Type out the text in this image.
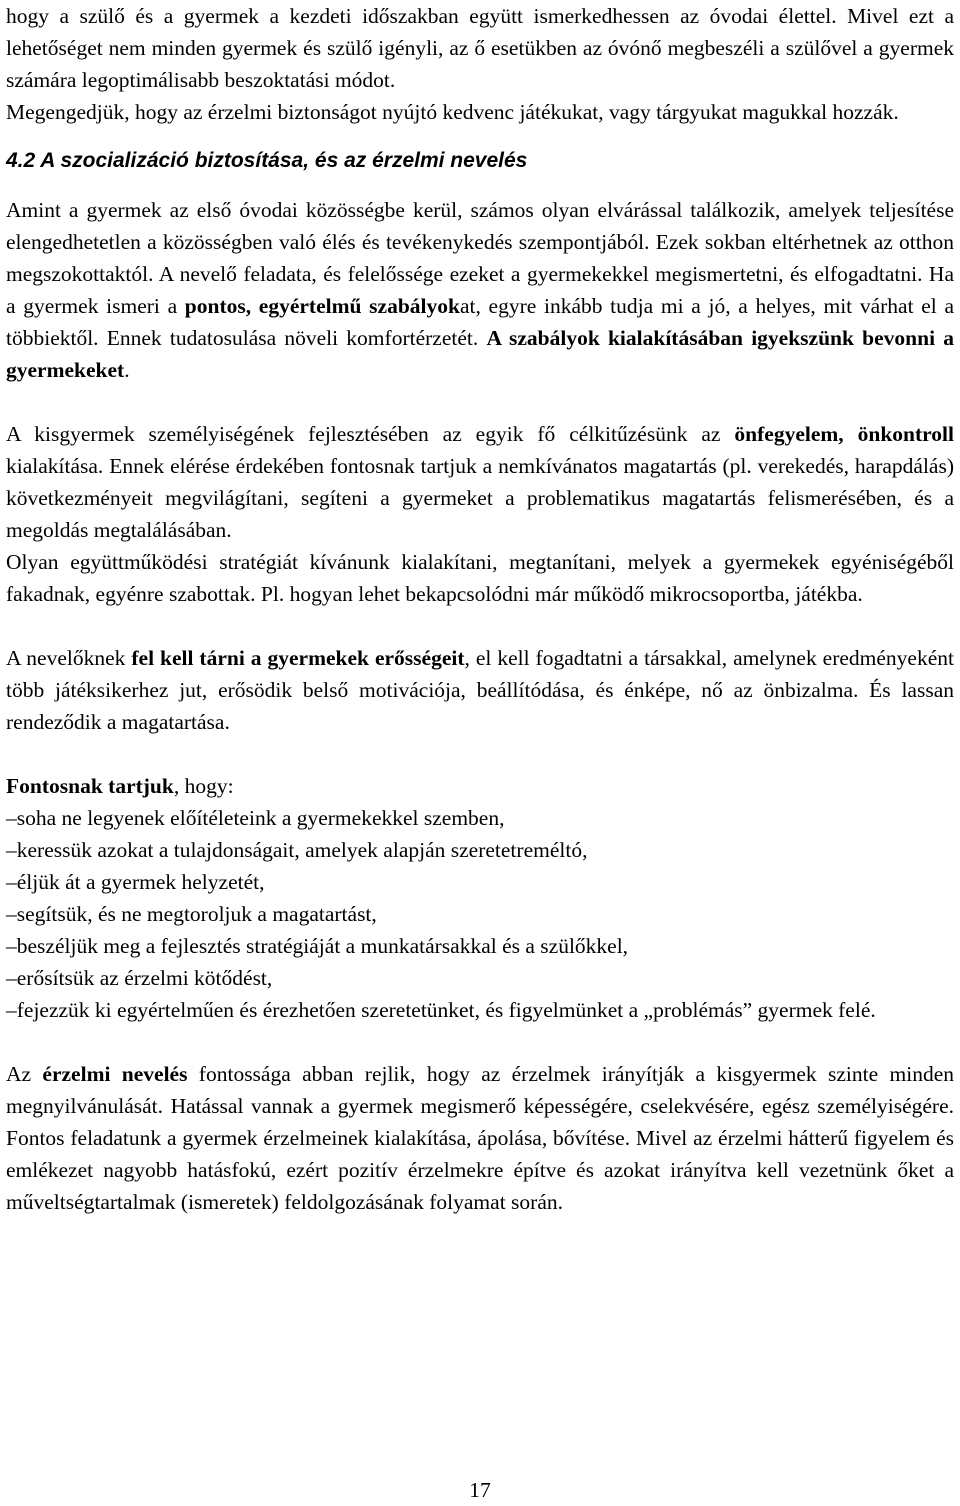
hogy a szülő és a gyermek a kezdeti időszakban együtt ismerkedhessen az óvodai élettel. Mivel ezt a lehetőséget nem minden gyermek és szülő igényli, az ő esetükben az óvónő megbeszéli a szülővel a gyermek számára legoptimálisabb beszoktatási módot.

Megengedjük, hogy az érzelmi biztonságot nyújtó kedvenc játékukat, vagy tárgyukat magukkal hozzák.

4.2 A szocializáció biztosítása, és az érzelmi nevelés

Amint a gyermek az első óvodai közösségbe kerül, számos olyan elvárással találkozik, amelyek teljesítése elengedhetetlen a közösségben való élés és tevékenykedés szempontjából. Ezek sokban eltérhetnek az otthon megszokottaktól. A nevelő feladata, és felelőssége ezeket a gyermekekkel megismertetni, és elfogadtatni. Ha a gyermek ismeri a pontos, egyértelmű szabályokat, egyre inkább tudja mi a jó, a helyes, mit várhat el a többiektől. Ennek tudatosulása növeli komfortérzetét. A szabályok kialakításában igyekszünk bevonni a gyermekeket.

A kisgyermek személyiségének fejlesztésében az egyik fő célkitűzésünk az önfegyelem, önkontroll kialakítása. Ennek elérése érdekében fontosnak tartjuk a nemkívánatos magatartás (pl. verekedés, harapdálás) következményeit megvilágítani, segíteni a gyermeket a problematikus magatartás felismerésében, és a megoldás megtalálásában.

Olyan együttműködési stratégiát kívánunk kialakítani, megtanítani, melyek a gyermekek egyéniségéből fakadnak, egyénre szabottak. Pl. hogyan lehet bekapcsolódni már működő mikrocsoportba, játékba.

A nevelőknek fel kell tárni a gyermekek erősségeit, el kell fogadtatni a társakkal, amelynek eredményeként több játéksikerhez jut, erősödik belső motivációja, beállítódása, és énképe, nő az önbizalma. És lassan rendeződik a magatartása.

Fontosnak tartjuk, hogy:

–soha ne legyenek előítéleteink a gyermekekkel szemben,

–keressük azokat a tulajdonságait, amelyek alapján szeretetreméltó,

–éljük át a gyermek helyzetét,

–segítsük, és ne megtoroljuk a magatartást,

–beszéljük meg a fejlesztés stratégiáját a munkatársakkal és a szülőkkel,

–erősítsük az érzelmi kötődést,

–fejezzük ki egyértelműen és érezhetően szeretetünket, és figyelmünket a „problémás” gyermek felé.

Az érzelmi nevelés fontossága abban rejlik, hogy az érzelmek irányítják a kisgyermek szinte minden megnyilvánulását. Hatással vannak a gyermek megismerő képességére, cselekvésére, egész személyiségére. Fontos feladatunk a gyermek érzelmeinek kialakítása, ápolása, bővítése. Mivel az érzelmi hátterű figyelem és emlékezet nagyobb hatásfokú, ezért pozitív érzelmekre építve és azokat irányítva kell vezetnünk őket a műveltségtartalmak (ismeretek) feldolgozásának folyamat során.

17
